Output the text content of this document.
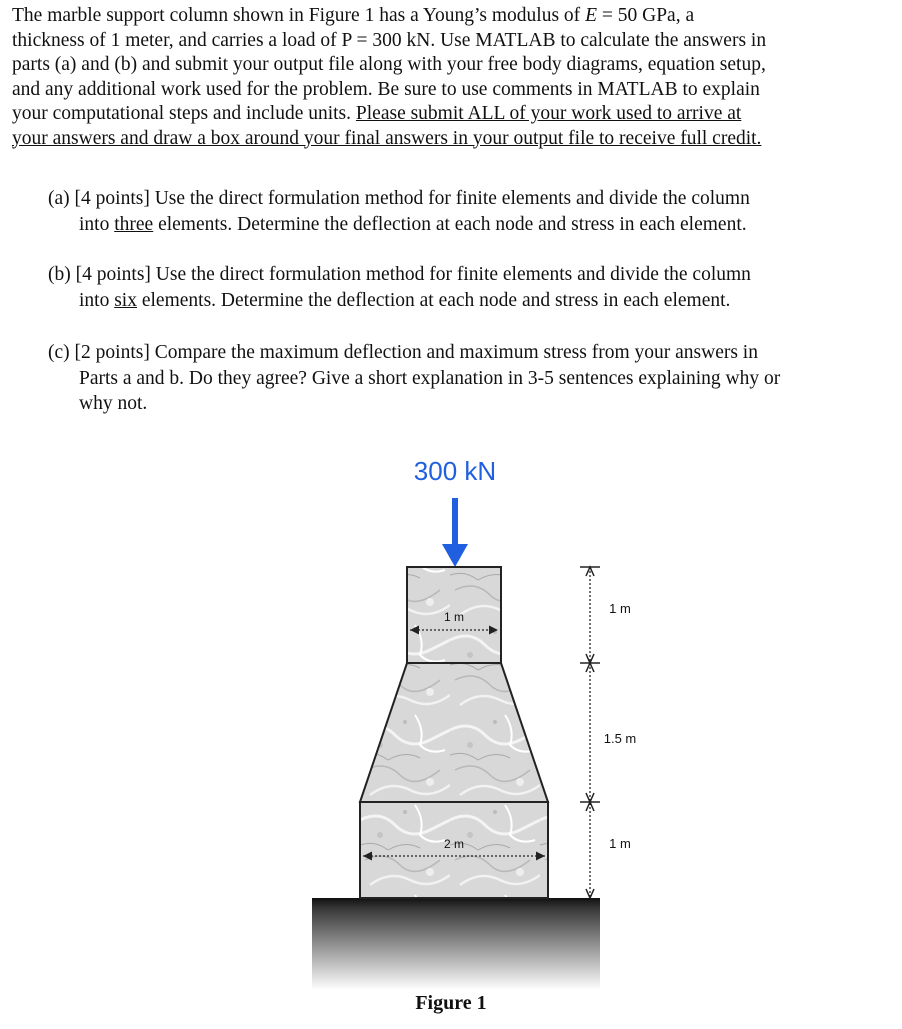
The marble support column shown in Figure 1 has a Young’s modulus of E = 50 GPa, a
thickness of 1 meter, and carries a load of P = 300 kN. Use MATLAB to calculate the answers in
parts (a) and (b) and submit your output file along with your free body diagrams, equation setup,
and any additional work used for the problem. Be sure to use comments in MATLAB to explain
your computational steps and include units. Please submit ALL of your work used to arrive at
your answers and draw a box around your final answers in your output file to receive full credit.
(a) [4 points] Use the direct formulation method for finite elements and divide the column
into three elements. Determine the deflection at each node and stress in each element.
(b) [4 points] Use the direct formulation method for finite elements and divide the column
into six elements. Determine the deflection at each node and stress in each element.
(c) [2 points] Compare the maximum deflection and maximum stress from your answers in
Parts a and b. Do they agree? Give a short explanation in 3-5 sentences explaining why or
why not.
300 kN
1 m
2 m
1 m
1.5 m
1 m
Figure 1
